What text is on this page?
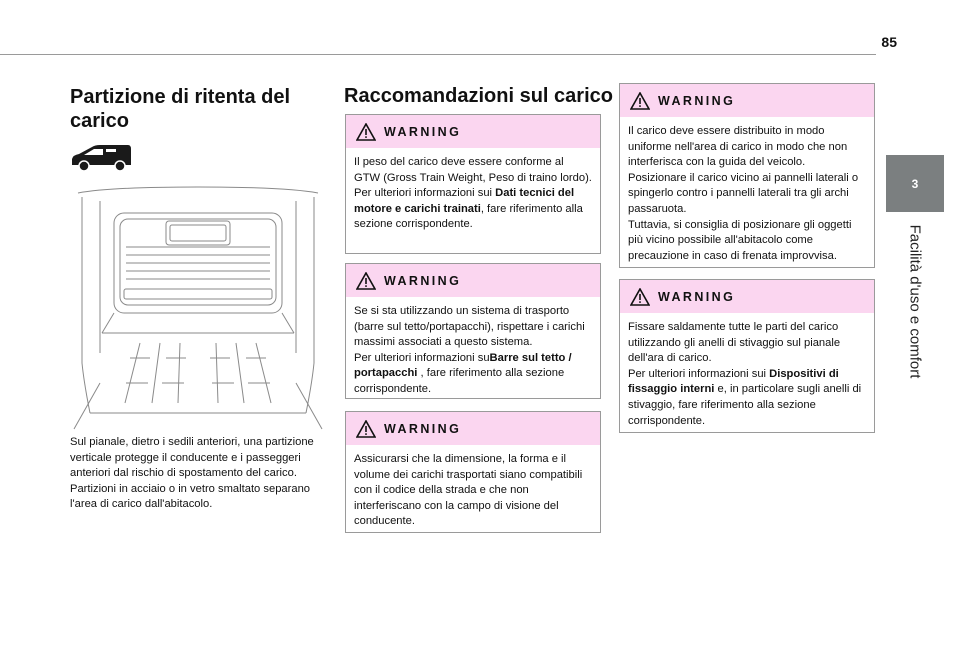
85
3
Facilità d'uso e comfort
Partizione di ritenta del
carico

Sul pianale, dietro i sedili anteriori, una partizione verticale protegge il conducente e i passeggeri anteriori dal rischio di spostamento del carico.

Partizioni in acciaio o in vetro smaltato separano l'area di carico dall'abitacolo.

Raccomandazioni sul carico
WARNING

Il peso del carico deve essere conforme al GTW (Gross Train Weight, Peso di traino lordo).

Per ulteriori informazioni sui Dati tecnici del motore e carichi trainati, fare riferimento alla sezione corrispondente.

WARNING

Se si sta utilizzando un sistema di trasporto (barre sul tetto/portapacchi), rispettare i carichi massimi associati a questo sistema.

Per ulteriori informazioni suBarre sul tetto / portapacchi , fare riferimento alla sezione corrispondente.

WARNING

Assicurarsi che la dimensione, la forma e il volume dei carichi trasportati siano compatibili con il codice della strada e che non interferiscano con la campo di visione del conducente.

WARNING

Il carico deve essere distribuito in modo uniforme nell'area di carico in modo che non interferisca con la guida del veicolo.

Posizionare il carico vicino ai pannelli laterali o spingerlo contro i pannelli laterali tra gli archi passaruota.

Tuttavia, si consiglia di posizionare gli oggetti più vicino possibile all'abitacolo come precauzione in caso di frenata improvvisa.

WARNING

Fissare saldamente tutte le parti del carico utilizzando gli anelli di stivaggio sul pianale dell'ara di carico.

Per ulteriori informazioni sui Dispositivi di fissaggio interni e, in particolare sugli anelli di stivaggio, fare riferimento alla sezione corrispondente.
